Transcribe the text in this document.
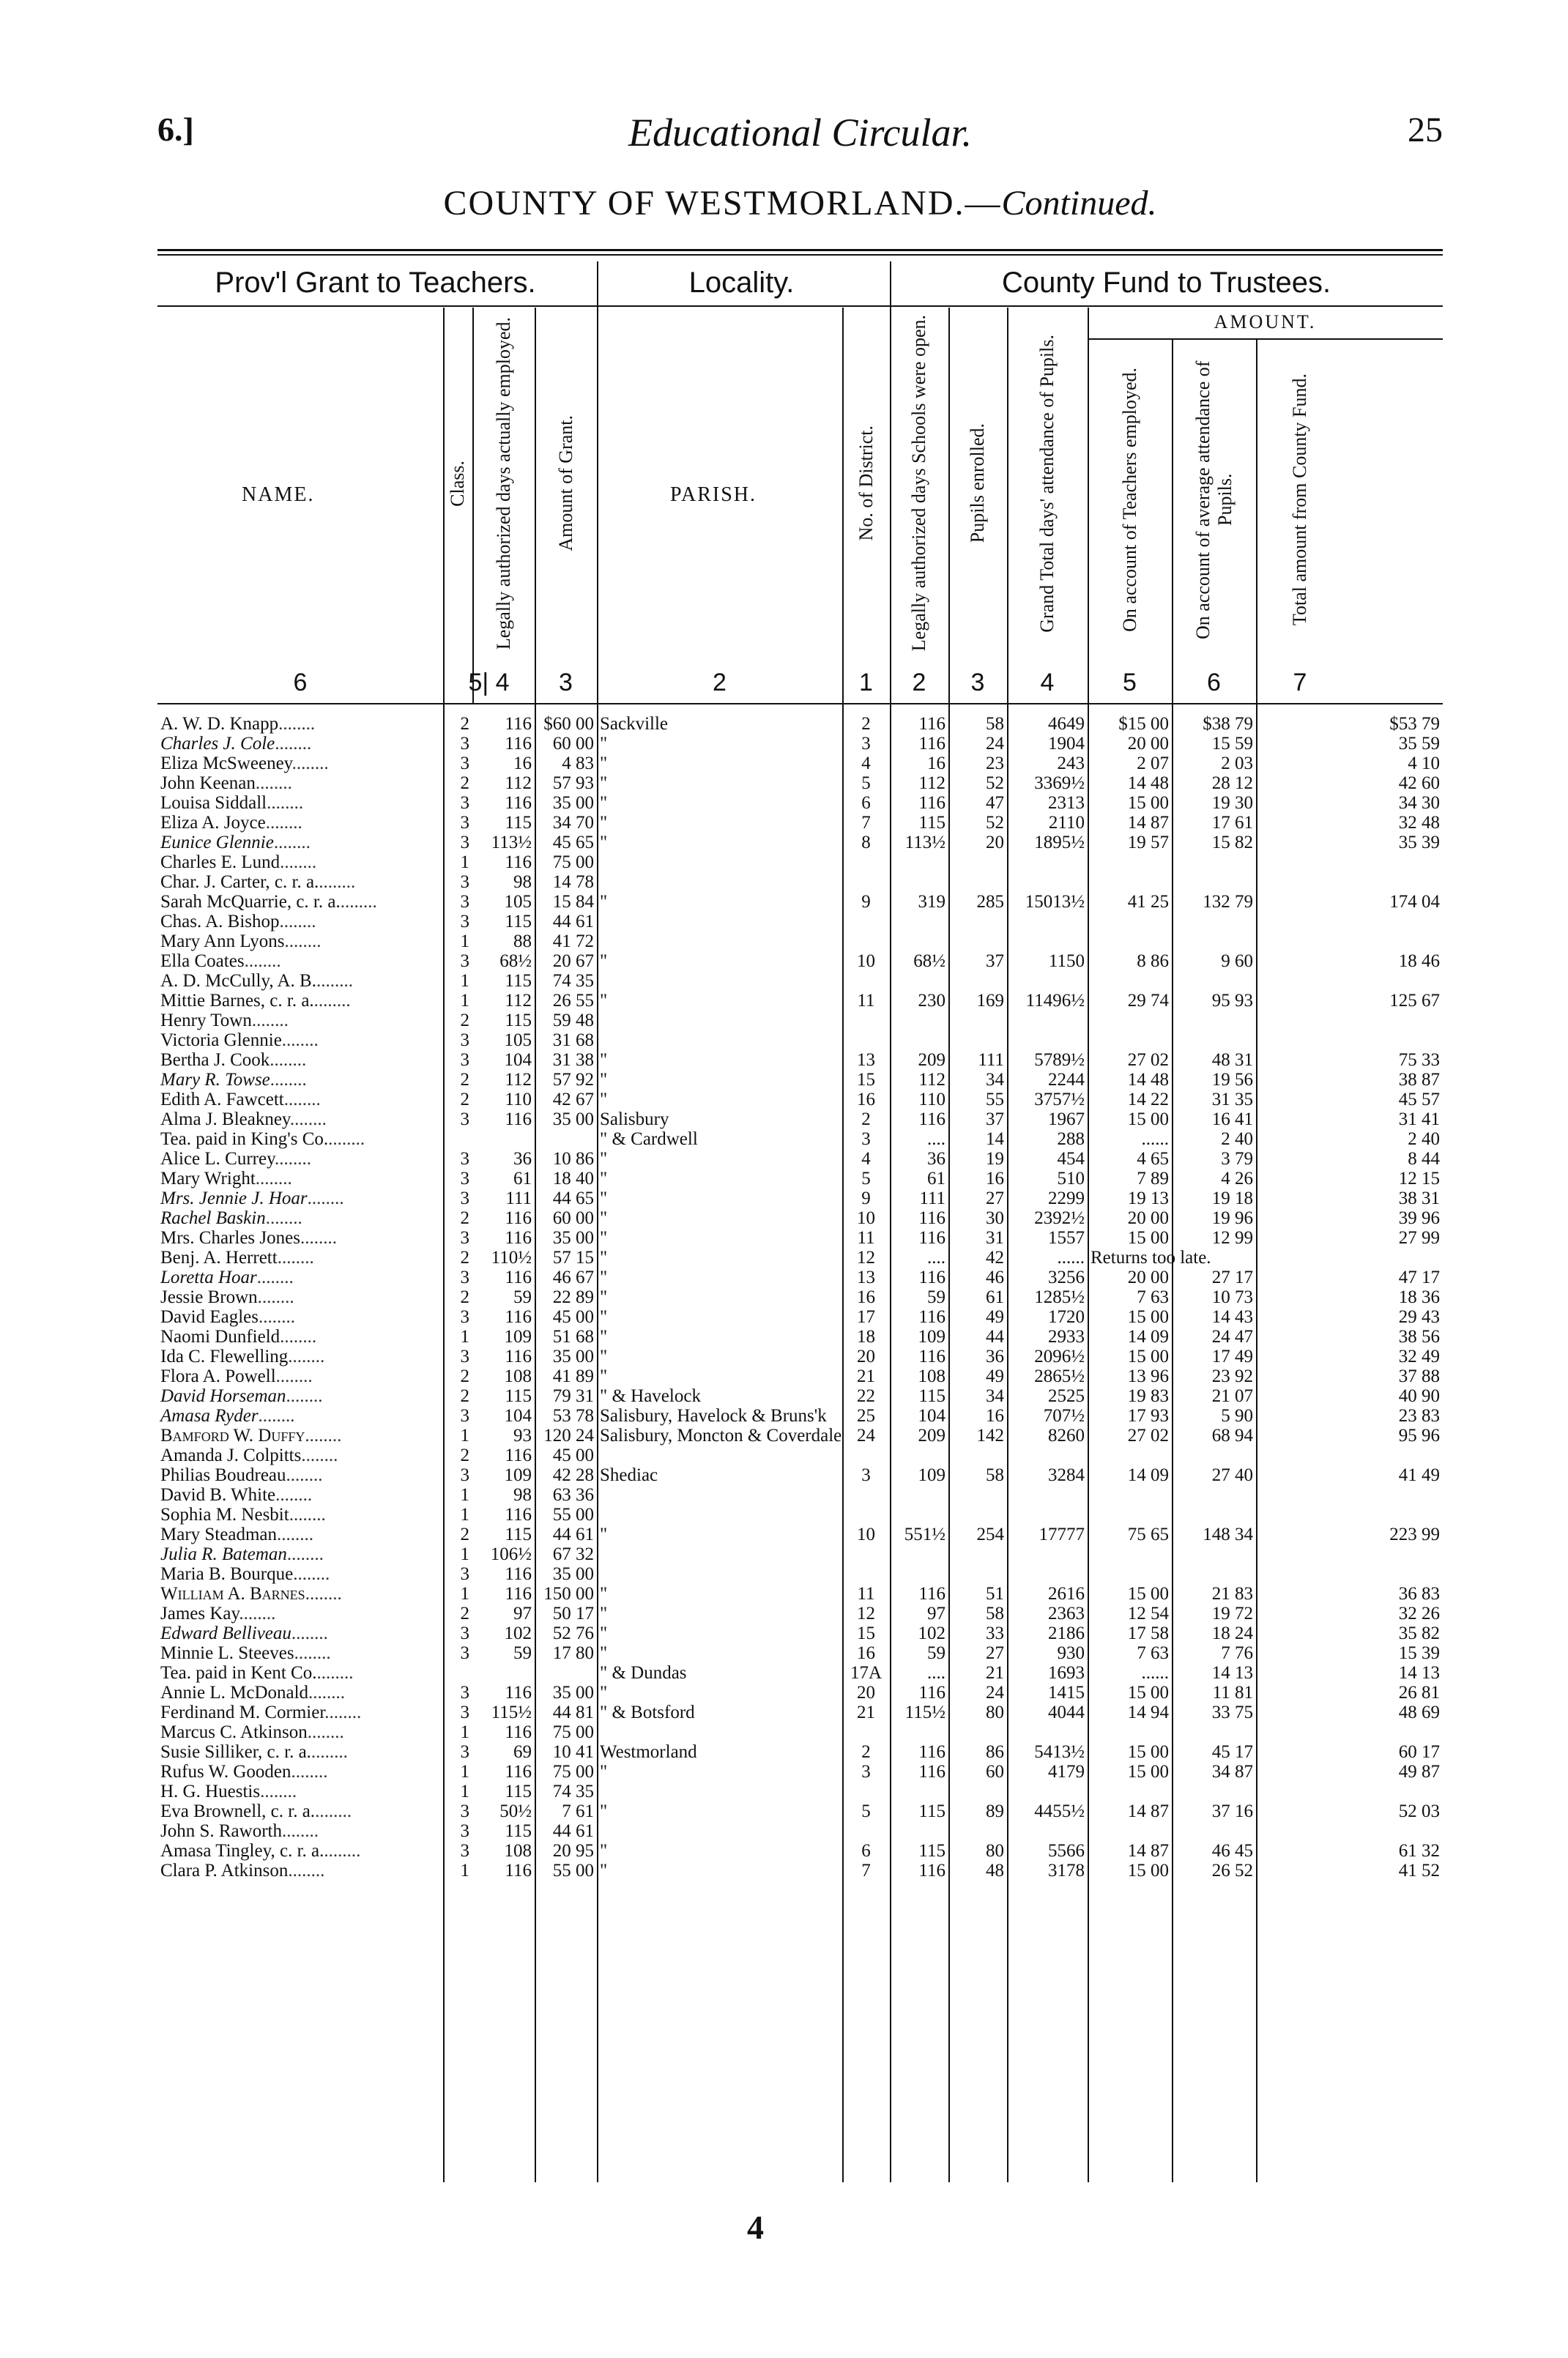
6.]	Educational Circular.	25
COUNTY OF WESTMORLAND.—Continued.
Prov'l Grant to Teachers.	Locality.	County Fund to Trustees.
AMOUNT.
NAME.	Class. Legally authorized days actually employed. Amount of Grant.	PARISH.	No. of District. Legally authorized days Schools were open. Pupils enrolled.	Grand Total days' attendance of Pupils.	On account of Teachers employed.	On account of average attendance of Pupils.	Total amount from County Fund.
6	5| 4	3	2	1	2	3	4	5	6	7
A. W. D. Knapp........	2	116	$60 00	Sackville	2	116	58	4649	$15 00	$38 79	$53 79
Charles J. Cole........	3	116	60 00	"	3	116	24	1904	20 00	15 59	35 59
Eliza McSweeney........	3	16	4 83	"	4	16	23	243	2 07	2 03	4 10
John Keenan........	2	112	57 93	"	5	112	52	3369½	14 48	28 12	42 60
Louisa Siddall........	3	116	35 00	"	6	116	47	2313	15 00	19 30	34 30
Eliza A. Joyce........	3	115	34 70	"	7	115	52	2110	14 87	17 61	32 48
Eunice Glennie........	3	113½	45 65	"	8	113½	20	1895½	19 57	15 82	35 39
Charles E. Lund........	1	116	75 00								
Char. J. Carter, c. r. a.........	3	98	14 78								
Sarah McQuarrie, c. r. a.........	3	105	15 84	"	9	319	285	15013½	41 25	132 79	174 04
Chas. A. Bishop........	3	115	44 61								
Mary Ann Lyons........	1	88	41 72								
Ella Coates........	3	68½	20 67	"	10	68½	37	1150	8 86	9 60	18 46
A. D. McCully, A. B.........	1	115	74 35								
Mittie Barnes, c. r. a.........	1	112	26 55	"	11	230	169	11496½	29 74	95 93	125 67
Henry Town........	2	115	59 48								
Victoria Glennie........	3	105	31 68								
Bertha J. Cook........	3	104	31 38	"	13	209	111	5789½	27 02	48 31	75 33
Mary R. Towse........	2	112	57 92	"	15	112	34	2244	14 48	19 56	38 87
Edith A. Fawcett........	2	110	42 67	"	16	110	55	3757½	14 22	31 35	45 57
Alma J. Bleakney........	3	116	35 00	Salisbury	2	116	37	1967	15 00	16 41	31 41
Tea. paid in King's Co.........				" & Cardwell	3	....	14	288	......	2 40	2 40
Alice L. Currey........	3	36	10 86	"	4	36	19	454	4 65	3 79	8 44
Mary Wright........	3	61	18 40	"	5	61	16	510	7 89	4 26	12 15
Mrs. Jennie J. Hoar........	3	111	44 65	"	9	111	27	2299	19 13	19 18	38 31
Rachel Baskin........	2	116	60 00	"	10	116	30	2392½	20 00	19 96	39 96
Mrs. Charles Jones........	3	116	35 00	"	11	116	31	1557	15 00	12 99	27 99
Benj. A. Herrett........	2	110½	57 15	"	12	....	42	......	Returns too late.		
Loretta Hoar........	3	116	46 67	"	13	116	46	3256	20 00	27 17	47 17
Jessie Brown........	2	59	22 89	"	16	59	61	1285½	7 63	10 73	18 36
David Eagles........	3	116	45 00	"	17	116	49	1720	15 00	14 43	29 43
Naomi Dunfield........	1	109	51 68	"	18	109	44	2933	14 09	24 47	38 56
Ida C. Flewelling........	3	116	35 00	"	20	116	36	2096½	15 00	17 49	32 49
Flora A. Powell........	2	108	41 89	"	21	108	49	2865½	13 96	23 92	37 88
David Horseman........	2	115	79 31	" & Havelock	22	115	34	2525	19 83	21 07	40 90
Amasa Ryder........	3	104	53 78	Salisbury, Havelock & Bruns'k	25	104	16	707½	17 93	5 90	23 83
Bamford W. Duffy........	1	93	120 24	Salisbury, Moncton & Coverdale	24	209	142	8260	27 02	68 94	95 96
Amanda J. Colpitts........	2	116	45 00								
Philias Boudreau........	3	109	42 28	Shediac	3	109	58	3284	14 09	27 40	41 49
David B. White........	1	98	63 36								
Sophia M. Nesbit........	1	116	55 00								
Mary Steadman........	2	115	44 61	"	10	551½	254	17777	75 65	148 34	223 99
Julia R. Bateman........	1	106½	67 32								
Maria B. Bourque........	3	116	35 00								
William A. Barnes........	1	116	150 00	"	11	116	51	2616	15 00	21 83	36 83
James Kay........	2	97	50 17	"	12	97	58	2363	12 54	19 72	32 26
Edward Belliveau........	3	102	52 76	"	15	102	33	2186	17 58	18 24	35 82
Minnie L. Steeves........	3	59	17 80	"	16	59	27	930	7 63	7 76	15 39
Tea. paid in Kent Co.........				" & Dundas	17A	....	21	1693	......	14 13	14 13
Annie L. McDonald........	3	116	35 00	"	20	116	24	1415	15 00	11 81	26 81
Ferdinand M. Cormier........	3	115½	44 81	" & Botsford	21	115½	80	4044	14 94	33 75	48 69
Marcus C. Atkinson........	1	116	75 00								
Susie Silliker, c. r. a.........	3	69	10 41	Westmorland	2	116	86	5413½	15 00	45 17	60 17
Rufus W. Gooden........	1	116	75 00	"	3	116	60	4179	15 00	34 87	49 87
H. G. Huestis........	1	115	74 35								
Eva Brownell, c. r. a.........	3	50½	7 61	"	5	115	89	4455½	14 87	37 16	52 03
John S. Raworth........	3	115	44 61								
Amasa Tingley, c. r. a.........	3	108	20 95	"	6	115	80	5566	14 87	46 45	61 32
Clara P. Atkinson........	1	116	55 00	"	7	116	48	3178	15 00	26 52	41 52
4
